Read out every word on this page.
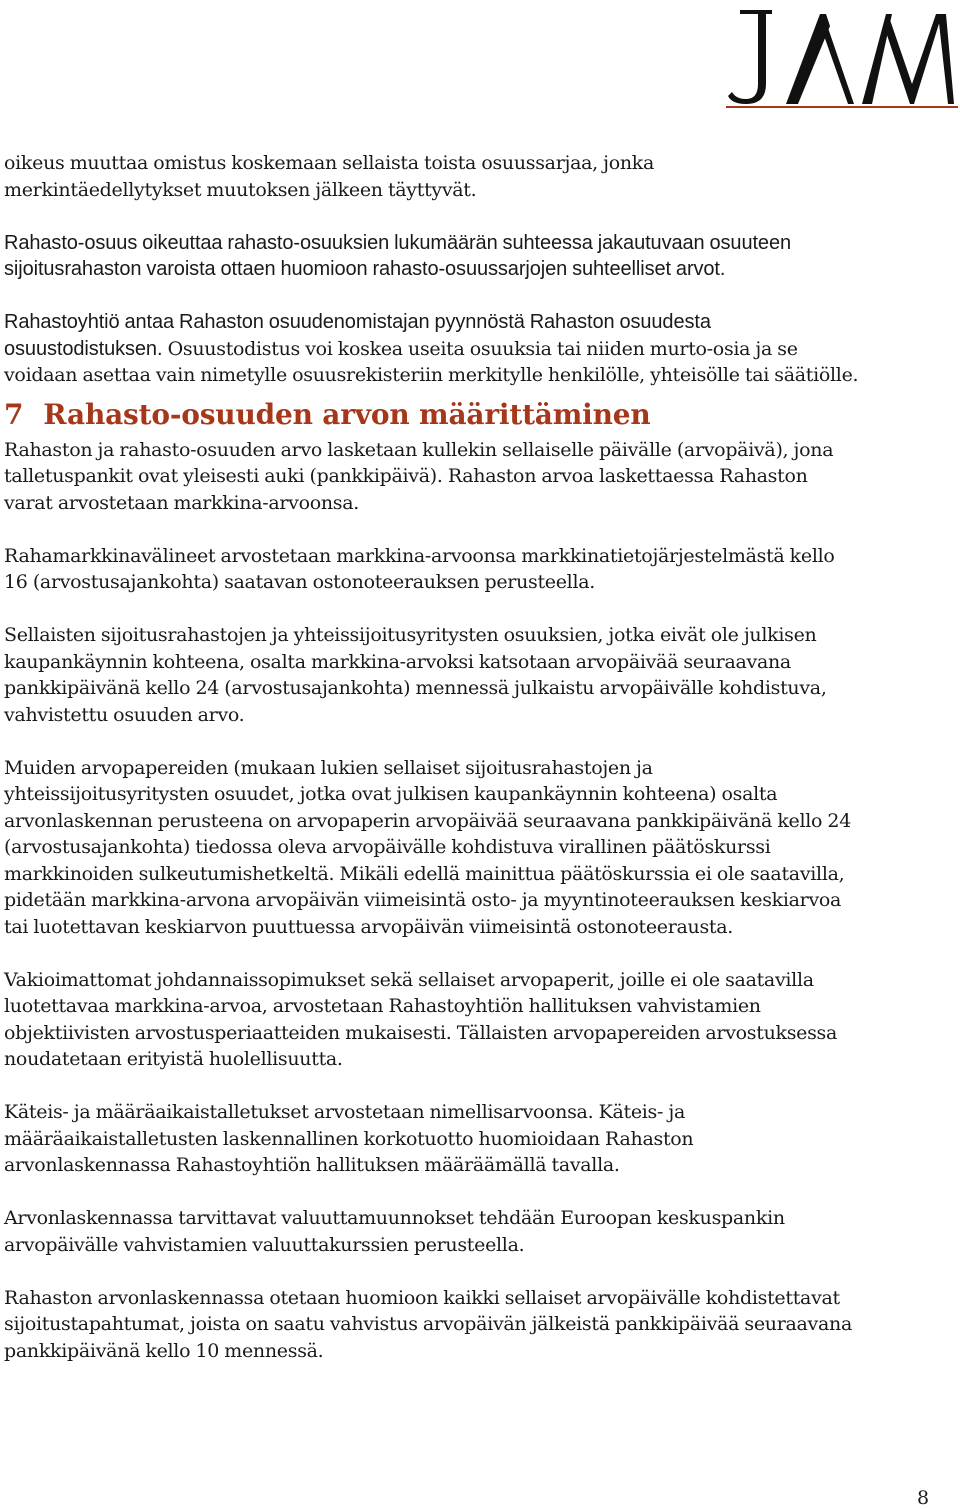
oikeus muuttaa omistus koskemaan sellaista toista osuussarjaa, jonka
merkintäedellytykset muutoksen jälkeen täyttyvät.

Rahasto-osuus oikeuttaa rahasto-osuuksien lukumäärän suhteessa jakautuvaan osuuteen
sijoitusrahaston varoista ottaen huomioon rahasto-osuussarjojen suhteelliset arvot.

Rahastoyhtiö antaa Rahaston osuudenomistajan pyynnöstä Rahaston osuudesta
osuustodistuksen. Osuustodistus voi koskea useita osuuksia tai niiden murto-osia ja se
voidaan asettaa vain nimetylle osuusrekisteriin merkitylle henkilölle, yhteisölle tai säätiölle.

7 Rahasto-osuuden arvon määrittäminen

Rahaston ja rahasto-osuuden arvo lasketaan kullekin sellaiselle päivälle (arvopäivä), jona
talletuspankit ovat yleisesti auki (pankkipäivä). Rahaston arvoa laskettaessa Rahaston
varat arvostetaan markkina-arvoonsa.

Rahamarkkinavälineet arvostetaan markkina-arvoonsa markkinatietojärjestelmästä kello
16 (arvostusajankohta) saatavan ostonoteerauksen perusteella.

Sellaisten sijoitusrahastojen ja yhteissijoitusyritysten osuuksien, jotka eivät ole julkisen
kaupankäynnin kohteena, osalta markkina-arvoksi katsotaan arvopäivää seuraavana
pankkipäivänä kello 24 (arvostusajankohta) mennessä julkaistu arvopäivälle kohdistuva,
vahvistettu osuuden arvo.

Muiden arvopapereiden (mukaan lukien sellaiset sijoitusrahastojen ja
yhteissijoitusyritysten osuudet, jotka ovat julkisen kaupankäynnin kohteena) osalta
arvonlaskennan perusteena on arvopaperin arvopäivää seuraavana pankkipäivänä kello 24
(arvostusajankohta) tiedossa oleva arvopäivälle kohdistuva virallinen päätöskurssi
markkinoiden sulkeutumishetkeltä. Mikäli edellä mainittua päätöskurssia ei ole saatavilla,
pidetään markkina-arvona arvopäivän viimeisintä osto- ja myyntinoteerauksen keskiarvoa
tai luotettavan keskiarvon puuttuessa arvopäivän viimeisintä ostonoteerausta.

Vakioimattomat johdannaissopimukset sekä sellaiset arvopaperit, joille ei ole saatavilla
luotettavaa markkina-arvoa, arvostetaan Rahastoyhtiön hallituksen vahvistamien
objektiivisten arvostusperiaatteiden mukaisesti. Tällaisten arvopapereiden arvostuksessa
noudatetaan erityistä huolellisuutta.

Käteis- ja määräaikaistalletukset arvostetaan nimellisarvoonsa. Käteis- ja
määräaikaistalletusten laskennallinen korkotuotto huomioidaan Rahaston
arvonlaskennassa Rahastoyhtiön hallituksen määräämällä tavalla.

Arvonlaskennassa tarvittavat valuuttamuunnokset tehdään Euroopan keskuspankin
arvopäivälle vahvistamien valuuttakurssien perusteella.

Rahaston arvonlaskennassa otetaan huomioon kaikki sellaiset arvopäivälle kohdistettavat
sijoitustapahtumat, joista on saatu vahvistus arvopäivän jälkeistä pankkipäivää seuraavana
pankkipäivänä kello 10 mennessä.

8
